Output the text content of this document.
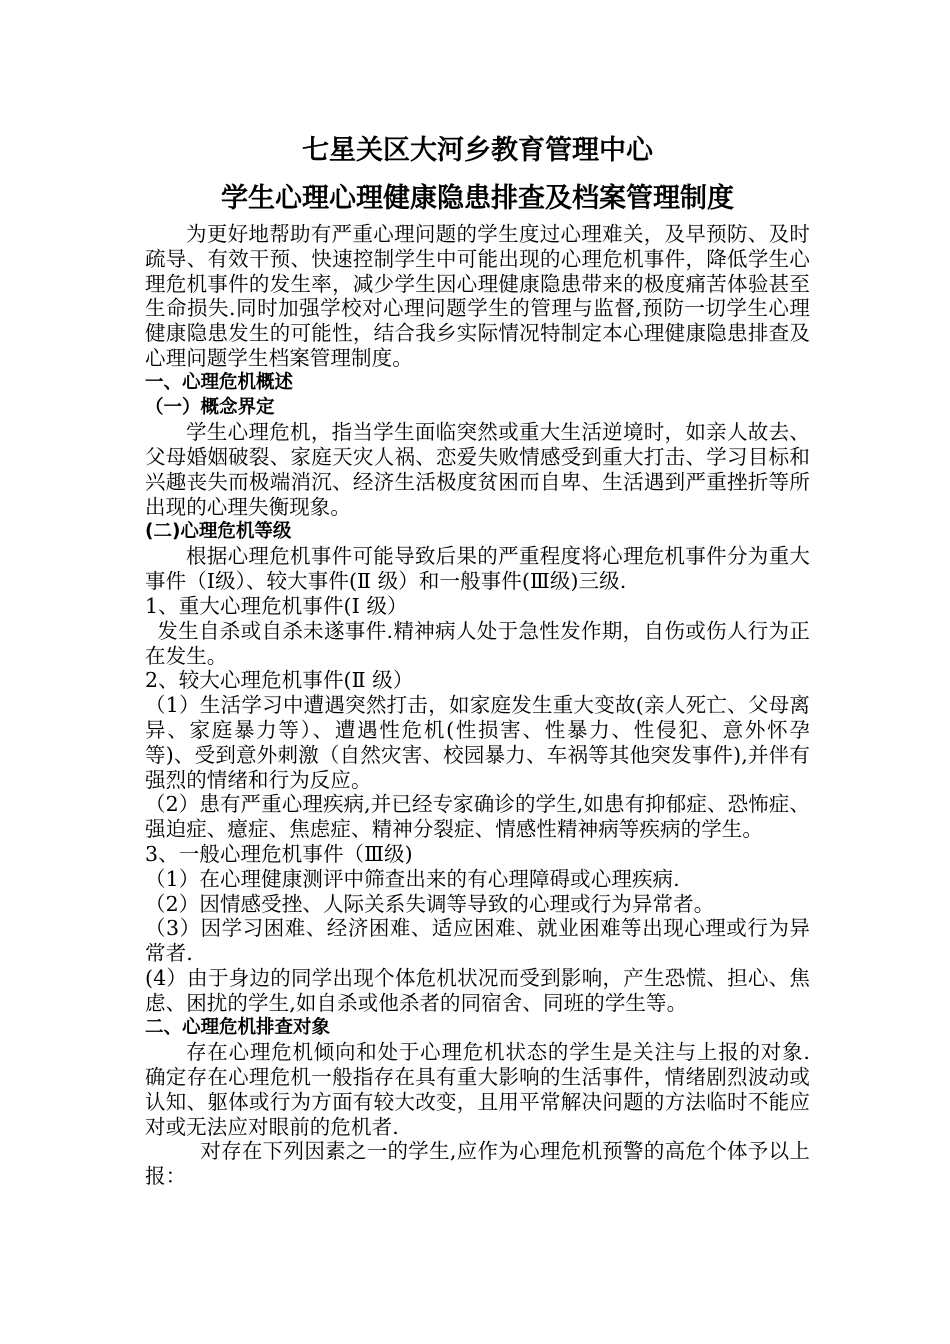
七星关区大河乡教育管理中心
学生心理心理健康隐患排查及档案管理制度

为更好地帮助有严重心理问题的学生度过心理难关，及早预防、及时疏导、有效干预、快速控制学生中可能出现的心理危机事件，降低学生心理危机事件的发生率，减少学生因心理健康隐患带来的极度痛苦体验甚至生命损失.同时加强学校对心理问题学生的管理与监督,预防一切学生心理健康隐患发生的可能性，结合我乡实际情况特制定本心理健康隐患排查及心理问题学生档案管理制度。

一、心理危机概述

（一）概念界定

学生心理危机，指当学生面临突然或重大生活逆境时，如亲人故去、父母婚姻破裂、家庭天灾人祸、恋爱失败情感受到重大打击、学习目标和兴趣丧失而极端消沉、经济生活极度贫困而自卑、生活遇到严重挫折等所出现的心理失衡现象。

(二)心理危机等级

根据心理危机事件可能导致后果的严重程度将心理危机事件分为重大事件（Ⅰ级）、较大事件(Ⅱ 级）和一般事件(Ⅲ级)三级.

1、重大心理危机事件(Ⅰ 级）

发生自杀或自杀未遂事件.精神病人处于急性发作期，自伤或伤人行为正在发生。

2、较大心理危机事件(Ⅱ 级）

（1）生活学习中遭遇突然打击，如家庭发生重大变故(亲人死亡、父母离异、家庭暴力等）、遭遇性危机(性损害、性暴力、性侵犯、意外怀孕等)、受到意外刺激（自然灾害、校园暴力、车祸等其他突发事件),并伴有强烈的情绪和行为反应。

（2）患有严重心理疾病,并已经专家确诊的学生,如患有抑郁症、恐怖症、强迫症、癔症、焦虑症、精神分裂症、情感性精神病等疾病的学生。

3、一般心理危机事件（Ⅲ级)

（1）在心理健康测评中筛查出来的有心理障碍或心理疾病.

（2）因情感受挫、人际关系失调等导致的心理或行为异常者。

（3）因学习困难、经济困难、适应困难、就业困难等出现心理或行为异常者.

(4）由于身边的同学出现个体危机状况而受到影响，产生恐慌、担心、焦虑、困扰的学生,如自杀或他杀者的同宿舍、同班的学生等。

二、心理危机排查对象

存在心理危机倾向和处于心理危机状态的学生是关注与上报的对象.确定存在心理危机一般指存在具有重大影响的生活事件，情绪剧烈波动或认知、躯体或行为方面有较大改变，且用平常解决问题的方法临时不能应对或无法应对眼前的危机者.

对存在下列因素之一的学生,应作为心理危机预警的高危个体予以上报：
